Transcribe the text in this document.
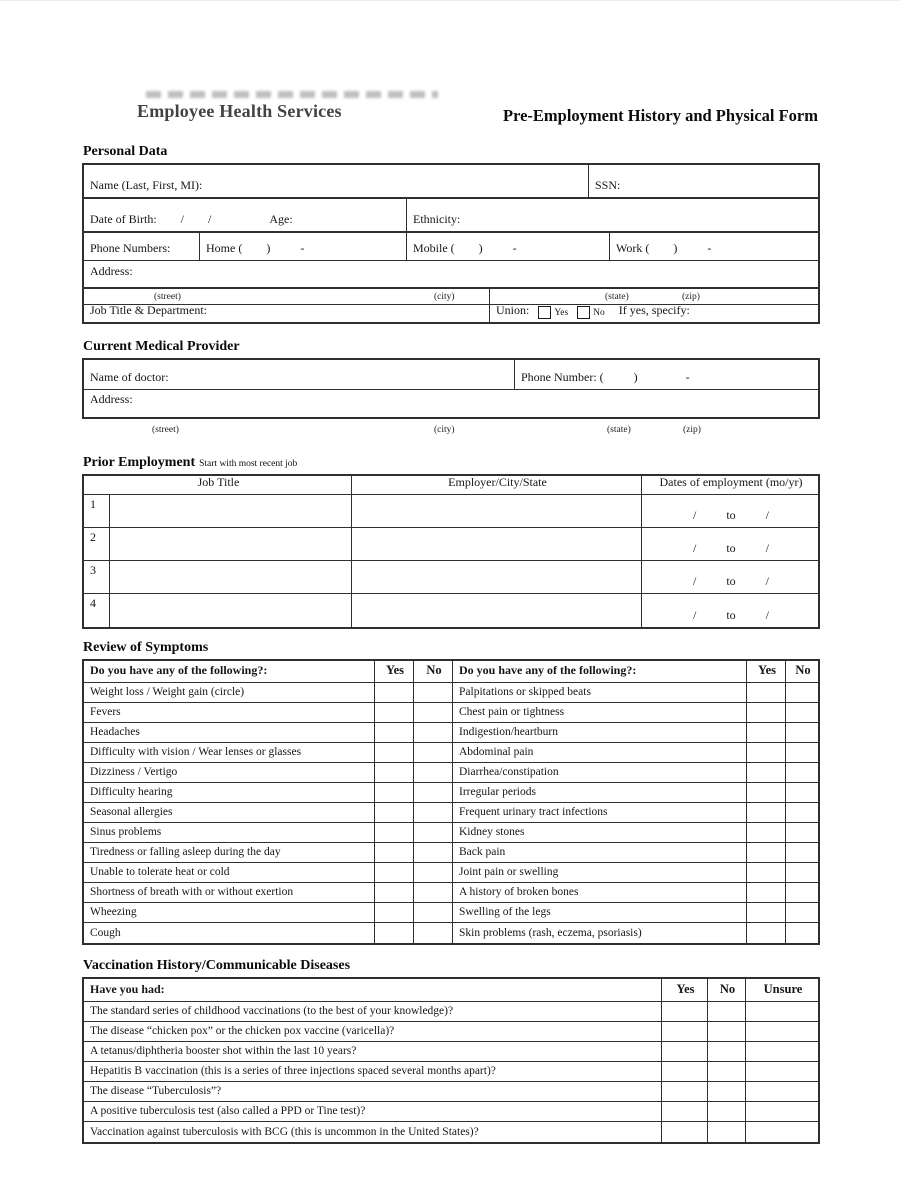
Employee Health Services	Pre-Employment History and Physical Form
Personal Data
Name (Last, First, MI):	SSN:
Date of Birth: / /	Age:	Ethnicity:
Phone Numbers:	Home (        )          -	Mobile (        )          -	Work (        )          -
Address:
(street)	(city)	(state)	(zip)
Job Title & Department:	Union:	Yes	No If yes, specify:
Current Medical Provider
Name of doctor:	Phone Number: (          )                -
Address:
(street)	(city)	(state)	(zip)
Prior Employment Start with most recent job
Job Title	Employer/City/State	Dates of employment (mo/yr)
1
/	to	/
2
/	to	/
3
/	to	/
4
/	to	/
Review of Symptoms
Do you have any of the following?:	Yes No Do you have any of the following?:	Yes No
Weight loss / Weight gain (circle)	Palpitations or skipped beats
Fevers	Chest pain or tightness
Headaches	Indigestion/heartburn
Difficulty with vision / Wear lenses or glasses	Abdominal pain
Dizziness / Vertigo	Diarrhea/constipation
Difficulty hearing	Irregular periods
Seasonal allergies	Frequent urinary tract infections
Sinus problems	Kidney stones
Tiredness or falling asleep during the day	Back pain
Unable to tolerate heat or cold	Joint pain or swelling
Shortness of breath with or without exertion	A history of broken bones
Wheezing	Swelling of the legs
Cough	Skin problems (rash, eczema, psoriasis)
Vaccination History/Communicable Diseases
Have you had:	Yes No Unsure
The standard series of childhood vaccinations (to the best of your knowledge)?
The disease “chicken pox” or the chicken pox vaccine (varicella)?
A tetanus/diphtheria booster shot within the last 10 years?
Hepatitis B vaccination (this is a series of three injections spaced several months apart)?
The disease “Tuberculosis”?
A positive tuberculosis test (also called a PPD or Tine test)?
Vaccination against tuberculosis with BCG (this is uncommon in the United States)?
